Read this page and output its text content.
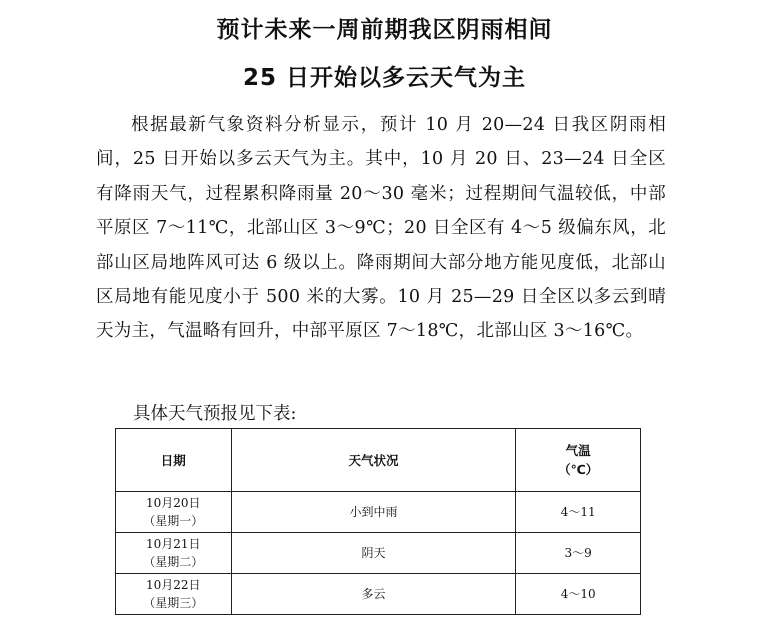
预计未来一周前期我区阴雨相间
25 日开始以多云天气为主

根据最新气象资料分析显示，预计 10 月 20—24 日我区阴雨相间，25 日开始以多云天气为主。其中，10 月 20 日、23—24 日全区有降雨天气，过程累积降雨量 20～30 毫米；过程期间气温较低，中部平原区 7～11℃，北部山区 3～9℃；20 日全区有 4～5 级偏东风，北部山区局地阵风可达 6 级以上。降雨期间大部分地方能见度低，北部山区局地有能见度小于 500 米的大雾。10 月 25—29 日全区以多云到晴天为主，气温略有回升，中部平原区 7～18℃，北部山区 3～16℃。

具体天气预报见下表:

日期	天气状况	气温
（℃）

10月20日
（星期一）	小到中雨	4～11

10月21日
（星期二）	阴天	3～9

10月22日
（星期三）	多云	4～10
